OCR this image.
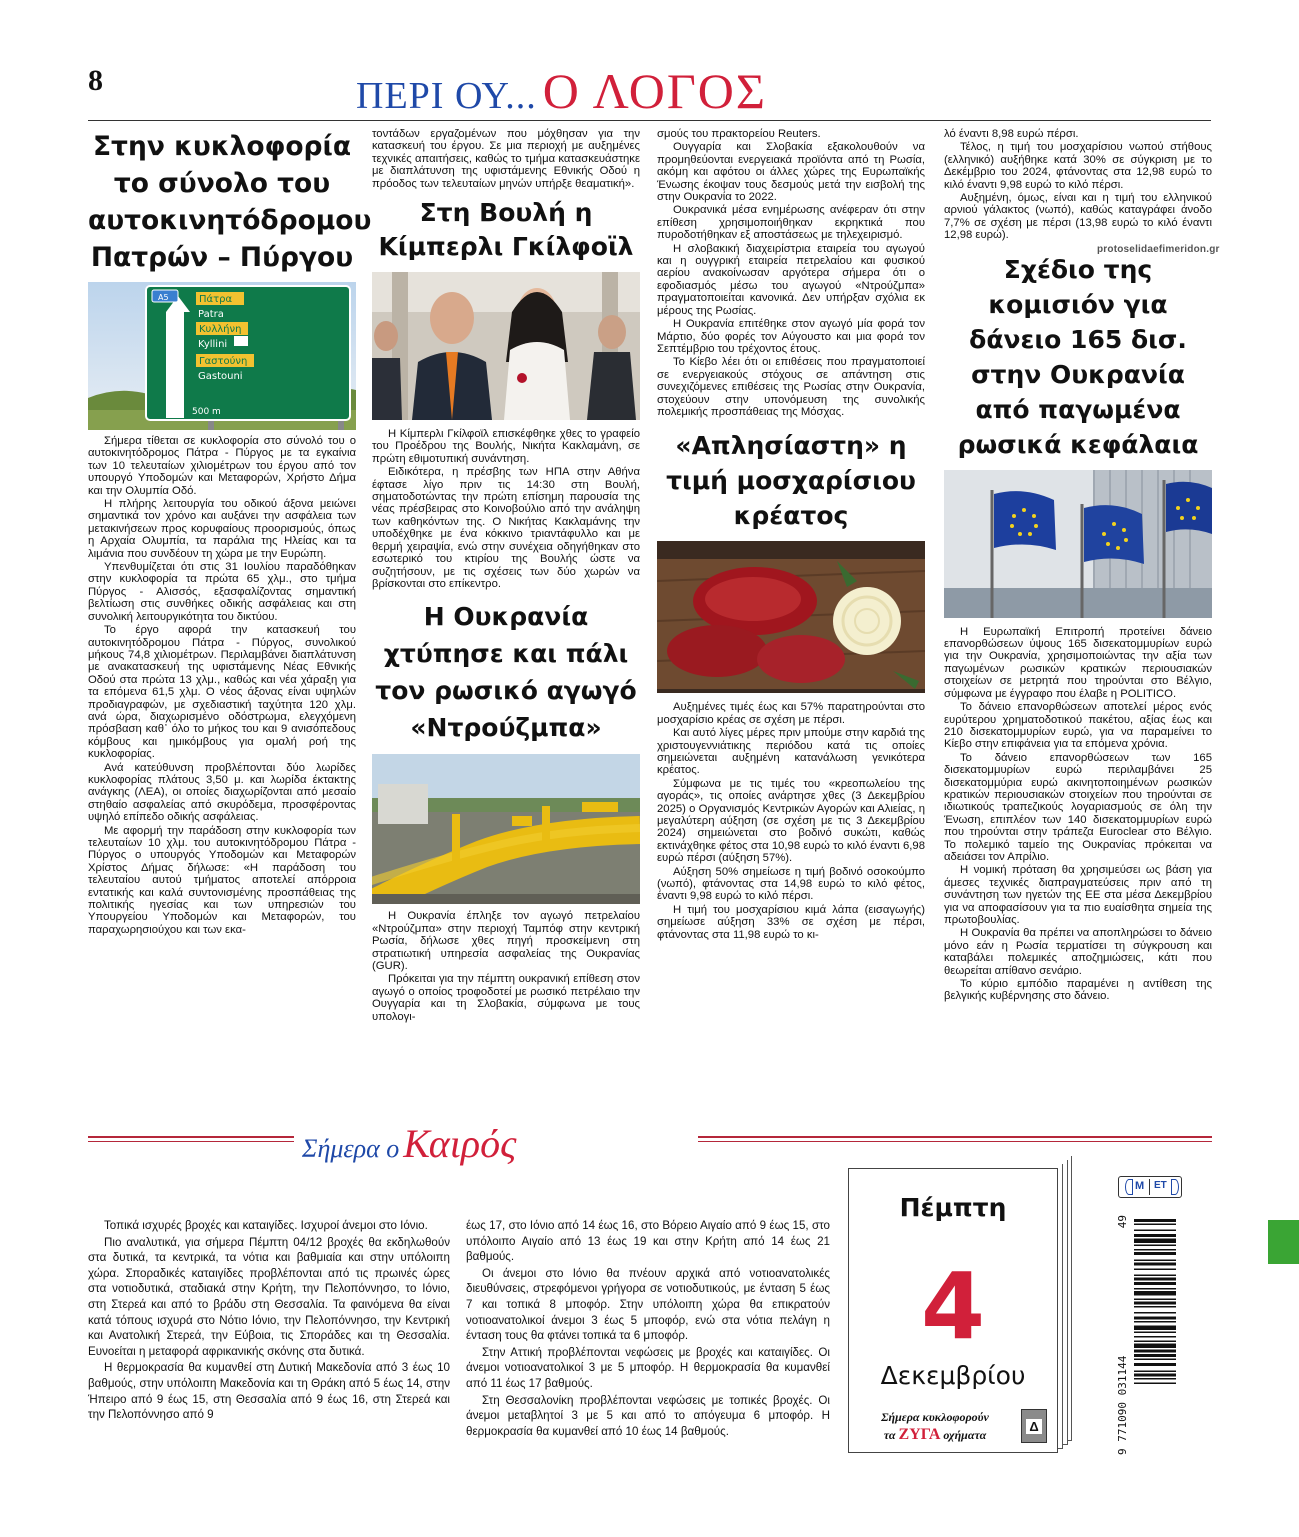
8	ΠΕΡΙ ΟΥ... Ο ΛΟΓΟΣ
Στην κυκλοφορία το σύνολο του αυτοκινητόδρομου Πατρών – Πύργου
A5	Πάτρα
Patra
Κυλλήνη
Kyllini
Γαστούνη
Gastouni
500 m

Σήμερα τίθεται σε κυκλοφορία στο σύνολό του ο αυτοκινητόδρομος Πάτρα - Πύργος με τα εγκαίνια των 10 τελευταίων χιλιομέτρων του έργου από τον υπουργό Υποδομών και Μεταφορών, Χρήστο Δήμα και την Ολυμπία Οδό.

Η πλήρης λειτουργία του οδικού άξονα μειώνει σημαντικά τον χρόνο και αυξάνει την ασφάλεια των μετακινήσεων προς κορυφαίους προορισμούς, όπως η Αρχαία Ολυμπία, τα παράλια της Ηλείας και τα λιμάνια που συνδέουν τη χώρα με την Ευρώπη.

Υπενθυμίζεται ότι στις 31 Ιουλίου παραδόθηκαν στην κυκλοφορία τα πρώτα 65 χλμ., στο τμήμα Πύργος - Αλισσός, εξασφαλίζοντας σημαντική βελτίωση στις συνθήκες οδικής ασφάλειας και στη συνολική λειτουργικότητα του δικτύου.

Το έργο αφορά την κατασκευή του αυτοκινητόδρομου Πάτρα - Πύργος, συνολικού μήκους 74,8 χιλιομέτρων. Περιλαμβάνει διαπλάτυνση με ανακατασκευή της υφιστάμενης Νέας Εθνικής Οδού στα πρώτα 13 χλμ., καθώς και νέα χάραξη για τα επόμενα 61,5 χλμ. Ο νέος άξονας είναι υψηλών προδιαγραφών, με σχεδιαστική ταχύτητα 120 χλμ. ανά ώρα, διαχωρισμένο οδόστρωμα, ελεγχόμενη πρόσβαση καθ᾽ όλο το μήκος του και 9 ανισόπεδους κόμβους και ημικόμβους για ομαλή ροή της κυκλοφορίας.

Ανά κατεύθυνση προβλέπονται δύο λωρίδες κυκλοφορίας πλάτους 3,50 μ. και λωρίδα έκτακτης ανάγκης (ΛΕΑ), οι οποίες διαχωρίζονται από μεσαίο στηθαίο ασφαλείας από σκυρόδεμα, προσφέροντας υψηλό επίπεδο οδικής ασφάλειας.

Με αφορμή την παράδοση στην κυκλοφορία των τελευταίων 10 χλμ. του αυτοκινητόδρομου Πάτρα - Πύργος ο υπουργός Υποδομών και Μεταφορών Χρίστος Δήμας δήλωσε: «Η παράδοση του τελευταίου αυτού τμήματος αποτελεί απόρροια εντατικής και καλά συντονισμένης προσπάθειας της πολιτικής ηγεσίας και των υπηρεσιών του Υπουργείου Υποδομών και Μεταφορών, του παραχωρησιούχου και των εκα-

τοντάδων εργαζομένων που μόχθησαν για την κατασκευή του έργου. Σε μια περιοχή με αυξημένες τεχνικές απαιτήσεις, καθώς το τμήμα κατασκευάστηκε με διαπλάτυνση της υφιστάμενης Εθνικής Οδού η πρόοδος των τελευταίων μηνών υπήρξε θεαματική».

Στη Βουλή η Κίμπερλι Γκίλφοϊλ

Η Κίμπερλι Γκίλφοϊλ επισκέφθηκε χθες το γραφείο του Προέδρου της Βουλής, Νικήτα Κακλαμάνη, σε πρώτη εθιμοτυπική συνάντηση.

Ειδικότερα, η πρέσβης των ΗΠΑ στην Αθήνα έφτασε λίγο πριν τις 14:30 στη Βουλή, σηματοδοτώντας την πρώτη επίσημη παρουσία της νέας πρέσβειρας στο Κοινοβούλιο από την ανάληψη των καθηκόντων της. Ο Νικήτας Κακλαμάνης την υποδέχθηκε με ένα κόκκινο τριαντάφυλλο και με θερμή χειραψία, ενώ στην συνέχεια οδηγήθηκαν στο εσωτερικό του κτιρίου της Βουλής ώστε να συζητήσουν, με τις σχέσεις των δύο χωρών να βρίσκονται στο επίκεντρο.

Η Ουκρανία χτύπησε και πάλι τον ρωσικό αγωγό «Ντρούζμπα»

Η Ουκρανία έπληξε τον αγωγό πετρελαίου «Ντρούζμπα» στην περιοχή Ταμπόφ στην κεντρική Ρωσία, δήλωσε χθες πηγή προσκείμενη στη στρατιωτική υπηρεσία ασφαλείας της Ουκρανίας (GUR).

Πρόκειται για την πέμπτη ουκρανική επίθεση στον αγωγό ο οποίος τροφοδοτεί με ρωσικό πετρέλαιο την Ουγγαρία και τη Σλοβακία, σύμφωνα με τους υπολογι-

σμούς του πρακτορείου Reuters.

Ουγγαρία και Σλοβακία εξακολουθούν να προμηθεύονται ενεργειακά προϊόντα από τη Ρωσία, ακόμη και αφότου οι άλλες χώρες της Ευρωπαϊκής Ένωσης έκοψαν τους δεσμούς μετά την εισβολή της στην Ουκρανία το 2022.

Ουκρανικά μέσα ενημέρωσης ανέφεραν ότι στην επίθεση χρησιμοποιήθηκαν εκρηκτικά που πυροδοτήθηκαν εξ αποστάσεως με τηλεχειρισμό.

Η σλοβακική διαχειρίστρια εταιρεία του αγωγού και η ουγγρική εταιρεία πετρελαίου και φυσικού αερίου ανακοίνωσαν αργότερα σήμερα ότι ο εφοδιασμός μέσω του αγωγού «Ντρούζμπα» πραγματοποιείται κανονικά. Δεν υπήρξαν σχόλια εκ μέρους της Ρωσίας.

Η Ουκρανία επιτέθηκε στον αγωγό μία φορά τον Μάρτιο, δύο φορές τον Αύγουστο και μια φορά τον Σεπτέμβριο του τρέχοντος έτους.

Το Κίεβο λέει ότι οι επιθέσεις που πραγματοποιεί σε ενεργειακούς στόχους σε απάντηση στις συνεχιζόμενες επιθέσεις της Ρωσίας στην Ουκρανία, στοχεύουν στην υπονόμευση της συνολικής πολεμικής προσπάθειας της Μόσχας.

«Απλησίαστη» η τιμή μοσχαρίσιου κρέατος

Αυξημένες τιμές έως και 57% παρατηρούνται στο μοσχαρίσιο κρέας σε σχέση με πέρσι.

Και αυτό λίγες μέρες πριν μπούμε στην καρδιά της χριστουγεννιάτικης περιόδου κατά τις οποίες σημειώνεται αυξημένη κατανάλωση γενικότερα κρέατος.

Σύμφωνα με τις τιμές του «κρεοπωλείου της αγοράς», τις οποίες ανάρτησε χθες (3 Δεκεμβρίου 2025) ο Οργανισμός Κεντρικών Αγορών και Αλιείας, η μεγαλύτερη αύξηση (σε σχέση με τις 3 Δεκεμβρίου 2024) σημειώνεται στο βοδινό συκώτι, καθώς εκτινάχθηκε φέτος στα 10,98 ευρώ το κιλό έναντι 6,98 ευρώ πέρσι (αύξηση 57%).

Αύξηση 50% σημείωσε η τιμή βοδινό οσοκούμπο (νωπό), φτάνοντας στα 14,98 ευρώ το κιλό φέτος, έναντι 9,98 ευρώ το κιλό πέρσι.

Η τιμή του μοσχαρίσιου κιμά λάπα (εισαγωγής) σημείωσε αύξηση 33% σε σχέση με πέρσι, φτάνοντας στα 11,98 ευρώ το κι-

λό έναντι 8,98 ευρώ πέρσι.

Τέλος, η τιμή του μοσχαρίσιου νωπού στήθους (ελληνικό) αυξήθηκε κατά 30% σε σύγκριση με το Δεκέμβριο του 2024, φτάνοντας στα 12,98 ευρώ το κιλό έναντι 9,98 ευρώ το κιλό πέρσι.

Αυξημένη, όμως, είναι και η τιμή του ελληνικού αρνιού γάλακτος (νωπό), καθώς καταγράφει άνοδο 7,7% σε σχέση με πέρσι (13,98 ευρώ το κιλό έναντι 12,98 ευρώ).

Σχέδιο της κομισιόν για δάνειο 165 δισ. στην Ουκρανία από παγωμένα ρωσικά κεφάλαια

Η Ευρωπαϊκή Επιτροπή προτείνει δάνειο επανορθώσεων ύψους 165 δισεκατομμυρίων ευρώ για την Ουκρανία, χρησιμοποιώντας την αξία των παγωμένων ρωσικών κρατικών περιουσιακών στοιχείων σε μετρητά που τηρούνται στο Βέλγιο, σύμφωνα με έγγραφο που έλαβε η POLITICO.

Το δάνειο επανορθώσεων αποτελεί μέρος ενός ευρύτερου χρηματοδοτικού πακέτου, αξίας έως και 210 δισεκατομμυρίων ευρώ, για να παραμείνει το Κίεβο στην επιφάνεια για τα επόμενα χρόνια.

Το δάνειο επανορθώσεων των 165 δισεκατομμυρίων ευρώ περιλαμβάνει 25 δισεκατομμύρια ευρώ ακινητοποιημένων ρωσικών κρατικών περιουσιακών στοιχείων που τηρούνται σε ιδιωτικούς τραπεζικούς λογαριασμούς σε όλη την Ένωση, επιπλέον των 140 δισεκατομμυρίων ευρώ που τηρούνται στην τράπεζα Euroclear στο Βέλγιο. Το πολεμικό ταμείο της Ουκρανίας πρόκειται να αδειάσει τον Απρίλιο.

Η νομική πρόταση θα χρησιμεύσει ως βάση για άμεσες τεχνικές διαπραγματεύσεις πριν από τη συνάντηση των ηγετών της ΕΕ στα μέσα Δεκεμβρίου για να αποφασίσουν για τα πιο ευαίσθητα σημεία της πρωτοβουλίας.

Η Ουκρανία θα πρέπει να αποπληρώσει το δάνειο μόνο εάν η Ρωσία τερματίσει τη σύγκρουση και καταβάλει πολεμικές αποζημιώσεις, κάτι που θεωρείται απίθανο σενάριο.

Το κύριο εμπόδιο παραμένει η αντίθεση της βελγικής κυβέρνησης στο δάνειο.

protoselidaefimeridon.gr
Σήμερα ο Καιρός

Τοπικά ισχυρές βροχές και καταιγίδες. Ισχυροί άνεμοι στο Ιόνιο.

Πιο αναλυτικά, για σήμερα Πέμπτη 04/12 βροχές θα εκδηλωθούν στα δυτικά, τα κεντρικά, τα νότια και βαθμιαία και στην υπόλοιπη χώρα. Σποραδικές καταιγίδες προβλέπονται από τις πρωινές ώρες στα νοτιοδυτικά, σταδιακά στην Κρήτη, την Πελοπόννησο, το Ιόνιο, στη Στερεά και από το βράδυ στη Θεσσαλία. Τα φαινόμενα θα είναι κατά τόπους ισχυρά στο Νότιο Ιόνιο, την Πελοπόννησο, την Κεντρική και Ανατολική Στερεά, την Εύβοια, τις Σποράδες και τη Θεσσαλία. Ευνοείται η μεταφορά αφρικανικής σκόνης στα δυτικά.

Η θερμοκρασία θα κυμανθεί στη Δυτική Μακεδονία από 3 έως 10 βαθμούς, στην υπόλοιπη Μακεδονία και τη Θράκη από 5 έως 14, στην Ήπειρο από 9 έως 15, στη Θεσσαλία από 9 έως 16, στη Στερεά και την Πελοπόννησο από 9

έως 17, στο Ιόνιο από 14 έως 16, στο Βόρειο Αιγαίο από 9 έως 15, στο υπόλοιπο Αιγαίο από 13 έως 19 και στην Κρήτη από 14 έως 21 βαθμούς.

Οι άνεμοι στο Ιόνιο θα πνέουν αρχικά από νοτιοανατολικές διευθύνσεις, στρεφόμενοι γρήγορα σε νοτιοδυτικούς, με ένταση 5 έως 7 και τοπικά 8 μποφόρ. Στην υπόλοιπη χώρα θα επικρατούν νοτιοανατολικοί άνεμοι 3 έως 5 μποφόρ, ενώ στα νότια πελάγη η ένταση τους θα φτάνει τοπικά τα 6 μποφόρ.

Στην Αττική προβλέπονται νεφώσεις με βροχές και καταιγίδες. Οι άνεμοι νοτιοανατολικοί 3 με 5 μποφόρ. Η θερμοκρασία θα κυμανθεί από 11 έως 17 βαθμούς.

Στη Θεσσαλονίκη προβλέπονται νεφώσεις με τοπικές βροχές. Οι άνεμοι μεταβλητοί 3 με 5 και από το απόγευμα 6 μποφόρ. Η θερμοκρασία θα κυμανθεί από 10 έως 14 βαθμούς.

Πέμπτη
4
Δεκεμβρίου
Σήμερα κυκλοφορούν
τα ΖΥΓΑ οχήματα
Δ
Μ ΕΤ
9 771090 031144
49
